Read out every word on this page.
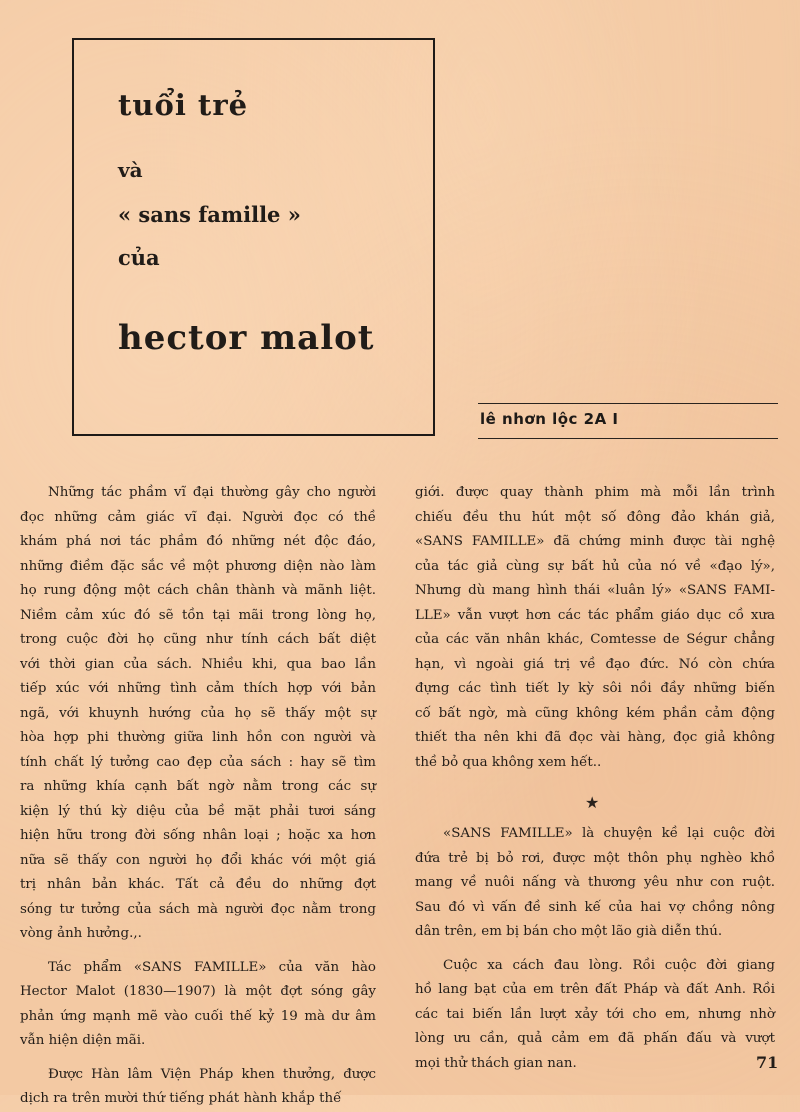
tuổi trẻ
và
« sans famille »
của
hector malot
lê nhơn lộc 2A I

Những tác phầm vĩ đại thường gây cho người
đọc những cảm giác vĩ đại. Người đọc có thề
khám phá nơi tác phầm đó những nét độc đáo,
những điềm đặc sắc về một phương diện nào làm
họ rung động một cách chân thành và mãnh liệt.
Niềm cảm xúc đó sẽ tồn tại mãi trong lòng họ,
trong cuộc đời họ cũng như tính cách bất diệt
với thời gian của sách. Nhiều khi, qua bao lần
tiếp xúc với những tình cảm thích hợp với bản
ngã, với khuynh hướng của họ sẽ thấy một sự
hòa hợp phi thường giữa linh hồn con người và
tính chất lý tưởng cao đẹp của sách : hay sẽ tìm
ra những khía cạnh bất ngờ nằm trong các sự
kiện lý thú kỳ diệu của bề mặt phải tươi sáng
hiện hữu trong đời sống nhân loại ; hoặc xa hơn
nữa sẽ thấy con người họ đổi khác với một giá
trị nhân bản khác. Tất cả đều do những đợt
sóng tư tưởng của sách mà người đọc nằm trong
vòng ảnh hưởng.,.

Tác phẩm «SANS FAMILLE» của văn hào
Hector Malot (1830—1907) là một đợt sóng gây
phản ứng mạnh mẽ vào cuối thế kỷ 19 mà dư âm
vẫn hiện diện mãi.

Được Hàn lâm Viện Pháp khen thưởng, được
dịch ra trên mười thứ tiếng phát hành khắp thế

giới. được quay thành phim mà mỗi lần trình
chiếu đều thu hút một số đông đảo khán giả,
«SANS FAMILLE» đã chứng minh được tài nghệ
của tác giả cùng sự bất hủ của nó về «đạo lý»,
Nhưng dù mang hình thái «luân lý» «SANS FAMI-
LLE» vẫn vượt hơn các tác phẩm giáo dục cồ xưa
của các văn nhân khác, Comtesse de Ségur chẳng
hạn, vì ngoài giá trị về đạo đức. Nó còn chứa
đựng các tình tiết ly kỳ sôi nồi đầy những biến
cố bất ngờ, mà cũng không kém phần cảm động
thiết tha nên khi đã đọc vài hàng, đọc giả không
thề bỏ qua không xem hết..

★

«SANS FAMILLE» là chuyện kề lại cuộc đời
đứa trẻ bị bỏ rơi, được một thôn phụ nghèo khồ
mang về nuôi nấng và thương yêu như con ruột.
Sau đó vì vấn đề sinh kế của hai vợ chồng nông
dân trên, em bị bán cho một lão già diễn thú.

Cuộc xa cách đau lòng. Rồi cuộc đời giang
hồ lang bạt của em trên đất Pháp và đất Anh. Rồi
các tai biến lần lượt xảy tới cho em, nhưng nhờ
lòng ưu cần, quả cảm em đã phấn đấu và vượt
mọi thử thách gian nan.	71
